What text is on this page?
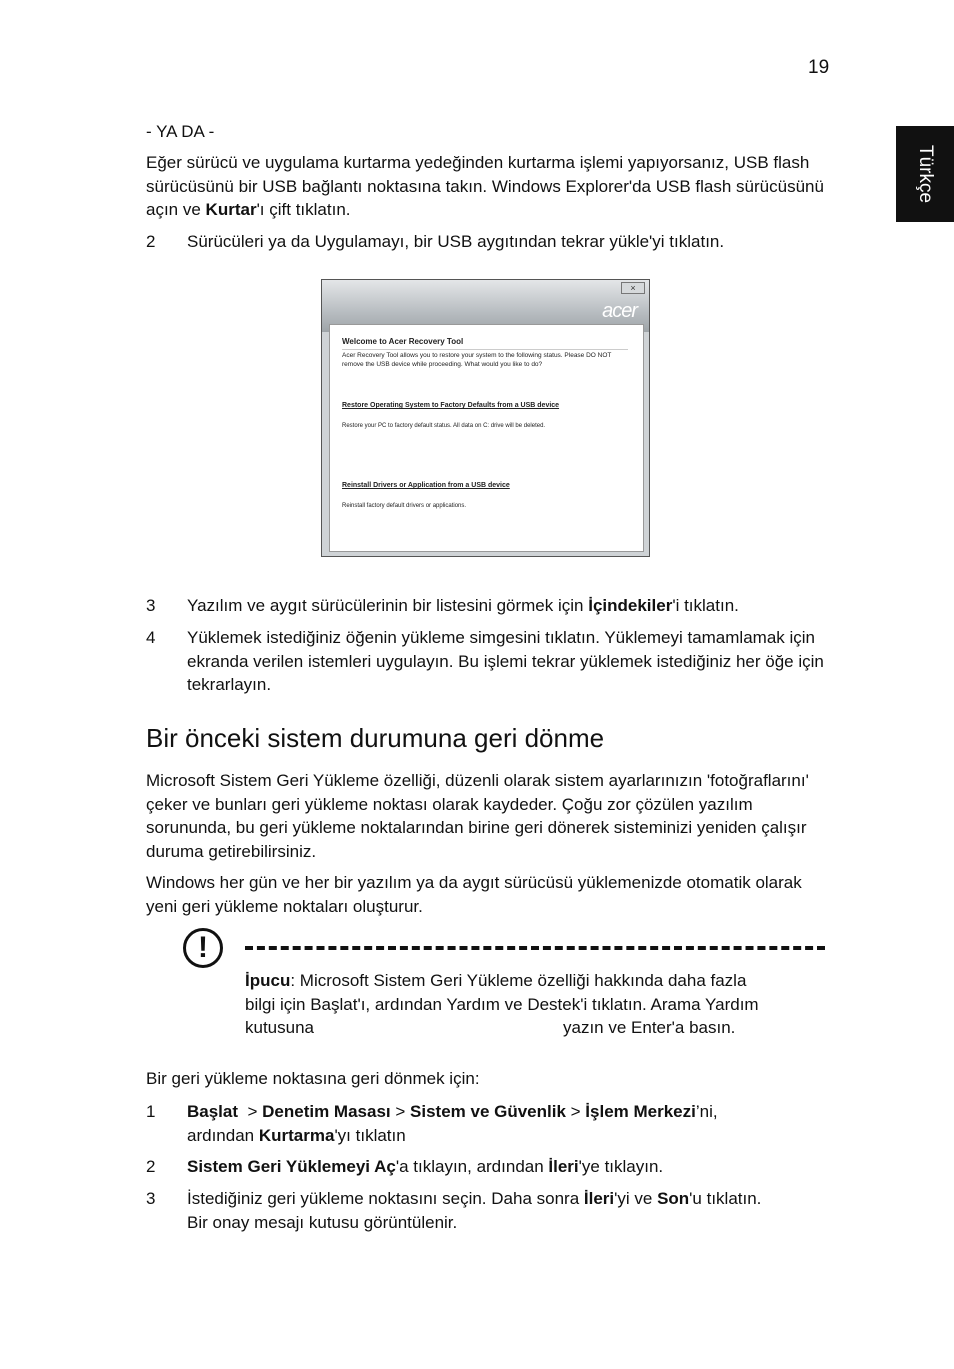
19
Türkçe
- YA DA -
Eğer sürücü ve uygulama kurtarma yedeğinden kurtarma işlemi yapıyorsanız, USB flash sürücüsünü bir USB bağlantı noktasına takın. Windows Explorer'da USB flash sürücüsünü açın ve Kurtar'ı çift tıklatın.
2	Sürücüleri ya da Uygulamayı, bir USB aygıtından tekrar yükle'yi tıklatın.
×
acer
Welcome to Acer Recovery Tool
Acer Recovery Tool allows you to restore your system to the following status. Please DO NOT remove the USB device while proceeding. What would you like to do?
Restore Operating System to Factory Defaults from a USB device
Restore your PC to factory default status. All data on C: drive will be deleted.
Reinstall Drivers or Application from a USB device
Reinstall factory default drivers or applications.
3	Yazılım ve aygıt sürücülerinin bir listesini görmek için İçindekiler'i tıklatın.
4	Yüklemek istediğiniz öğenin yükleme simgesini tıklatın. Yüklemeyi tamamlamak için ekranda verilen istemleri uygulayın. Bu işlemi tekrar yüklemek istediğiniz her öğe için tekrarlayın.
Bir önceki sistem durumuna geri dönme
Microsoft Sistem Geri Yükleme özelliği, düzenli olarak sistem ayarlarınızın 'fotoğraflarını' çeker ve bunları geri yükleme noktası olarak kaydeder. Çoğu zor çözülen yazılım sorununda, bu geri yükleme noktalarından birine geri dönerek sisteminizi yeniden çalışır duruma getirebilirsiniz.
Windows her gün ve her bir yazılım ya da aygıt sürücüsü yüklemenizde otomatik olarak yeni geri yükleme noktaları oluşturur.
!
İpucu: Microsoft Sistem Geri Yükleme özelliği hakkında daha fazla
bilgi için Başlat'ı, ardından Yardım ve Destek'i tıklatın. Arama Yardım
kutusuna	yazın ve Enter'a basın.
Bir geri yükleme noktasına geri dönmek için:
1	Başlat  > Denetim Masası > Sistem ve Güvenlik > İşlem Merkezi’ni,
ardından Kurtarma'yı tıklatın
2	Sistem Geri Yüklemeyi Aç'a tıklayın, ardından İleri'ye tıklayın.
3	İstediğiniz geri yükleme noktasını seçin. Daha sonra İleri'yi ve Son'u tıklatın.
Bir onay mesajı kutusu görüntülenir.
